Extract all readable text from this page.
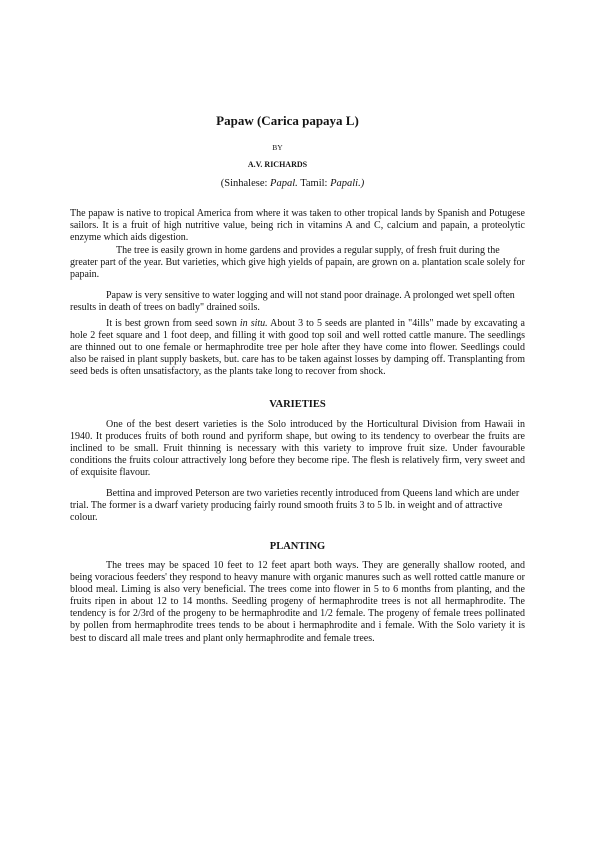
Papaw (Carica papaya L)

BY

A.V. RICHARDS

(Sinhalese: Papal. Tamil: Papali.)

The papaw is native to tropical America from where it was taken to other tropical lands by Spanish and Potugese sailors. It is a fruit of high nutritive value, being rich in vitamins A and C, calcium and papain, a proteolytic enzyme which aids digestion.

The tree is easily grown in home gardens and provides a regular supply, of fresh fruit during the greater part of the year. But varieties, which give high yields of papain, are grown on a. plantation scale solely for papain.

Papaw is very sensitive to water logging and will not stand poor drainage. A prolonged wet spell often results in death of trees on badly" drained soils.

It is best grown from seed sown in situ. About 3 to 5 seeds are planted in "4ills" made by excavating a hole 2 feet square and 1 foot deep, and filling it with good top soil and well rotted cattle manure. The seedlings are thinned out to one female or hermaphrodite tree per hole after they have come into flower. Seedlings could also be raised in plant supply baskets, but. care has to be taken against losses by damping off. Transplanting from seed beds is often unsatisfactory, as the plants take long to recover from shock.

VARIETIES

One of the best desert varieties is the Solo introduced by the Horticultural Division from Hawaii in 1940. It produces fruits of both round and pyriform shape, but owing to its tendency to overbear the fruits are inclined to be small. Fruit thinning is necessary with this variety to improve fruit size. Under favourable conditions the fruits colour attractively long before they become ripe. The flesh is relatively firm, very sweet and of exquisite flavour.

Bettina and improved Peterson are two varieties recently introduced from Queens land which are under trial. The former is a dwarf variety producing fairly round smooth fruits 3 to 5 lb. in weight and of attractive colour.

PLANTING

The trees may be spaced 10 feet to 12 feet apart both ways. They are generally shallow rooted, and being voracious feeders' they respond to heavy manure with organic manures such as well rotted cattle manure or blood meal. Liming is also very beneficial. The trees come into flower in 5 to 6 months from planting, and the fruits ripen in about 12 to 14 months. Seedling progeny of hermaphrodite trees is not all hermaphrodite. The tendency is for 2/3rd of the progeny to be hermaphrodite and 1/2 female. The progeny of female trees pollinated by pollen from hermaphrodite trees tends to be about i hermaphrodite and i female. With the Solo variety it is best to discard all male trees and plant only hermaphrodite and female trees.
